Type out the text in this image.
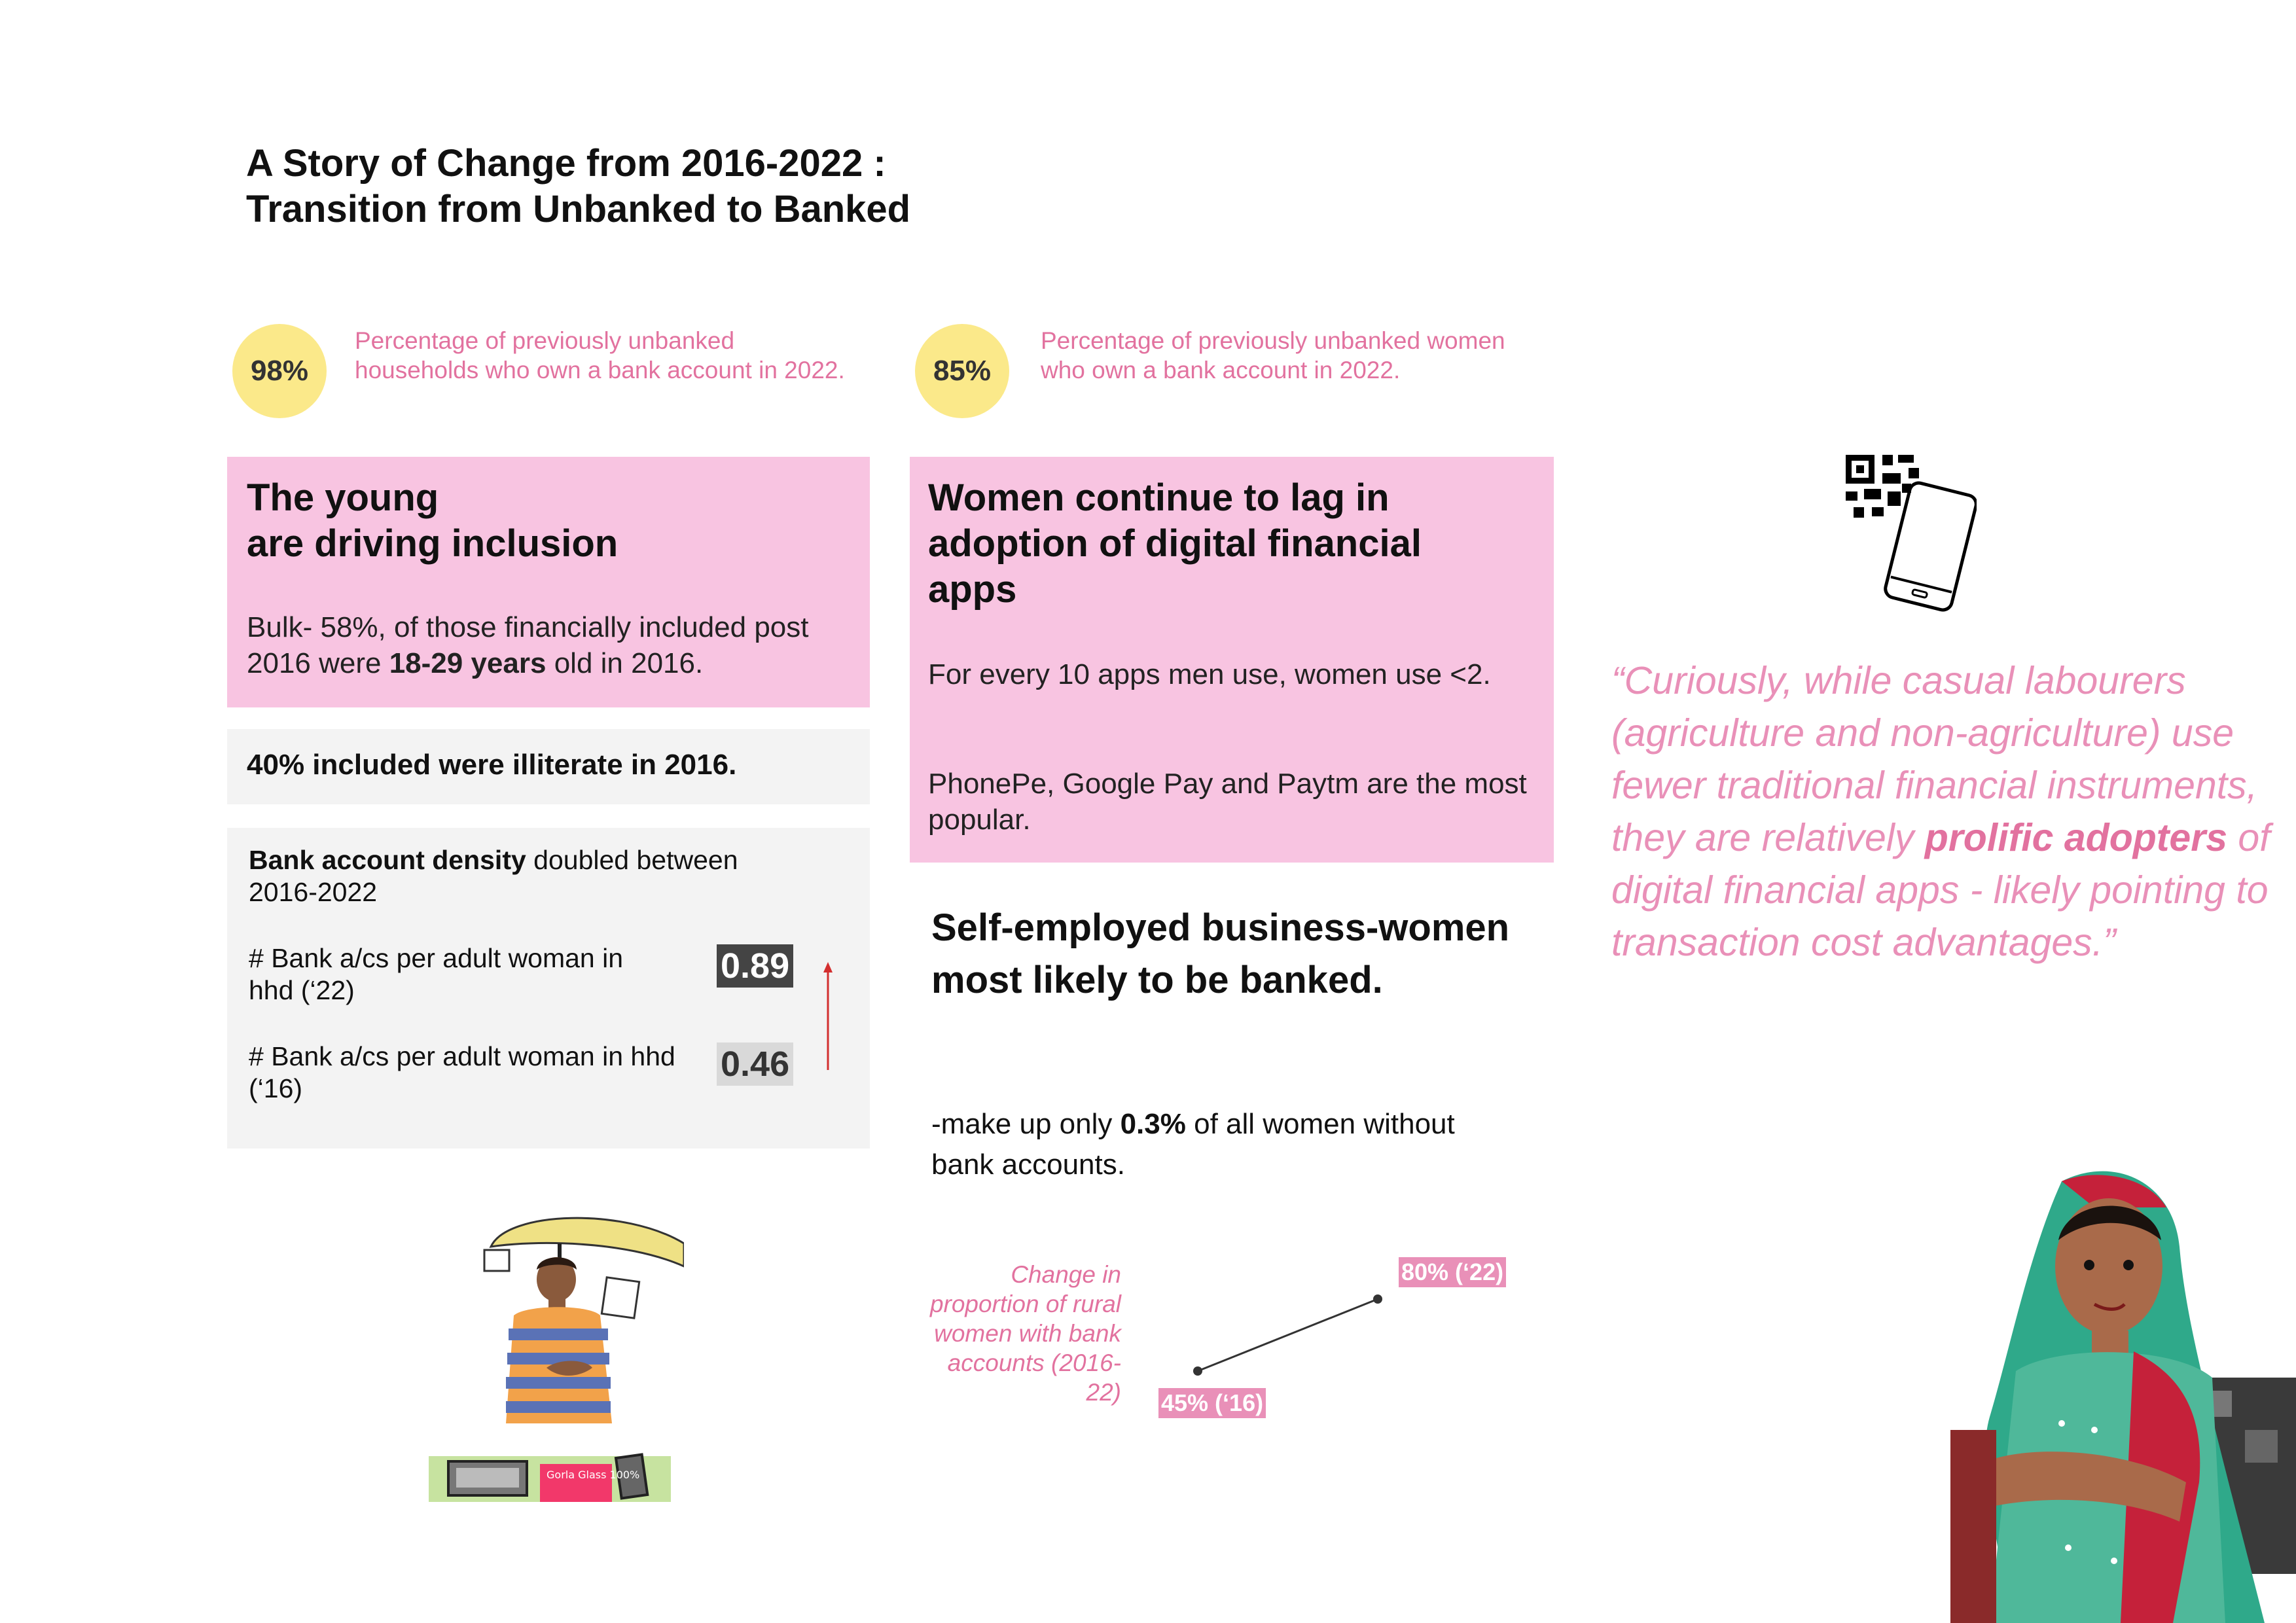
A Story of Change from 2016-2022 :
Transition from Unbanked to Banked
98%
Percentage of previously unbanked households who own a bank account in 2022.	85%
Percentage of previously unbanked women who own a bank account in 2022.
The young
are driving inclusion
Bulk- 58%, of those financially included post 2016 were 18-29 years old in 2016.
40% included were illiterate in 2016.
Bank account density doubled between 2016-2022
# Bank a/cs per adult woman in hhd (‘22)
0.89
# Bank a/cs per adult woman in hhd (‘16)
0.46
Women continue to lag in adoption of digital financial apps
For every 10 apps men use, women use <2.
PhonePe, Google Pay and Paytm are the most popular.
Self-employed business-women most likely to be banked.
-make up only 0.3% of all women without bank accounts.
Change in proportion of rural women with bank accounts (2016-22) 45% (‘16)
80% (‘22)
“Curiously, while casual labourers (agriculture and non-agriculture) use fewer traditional financial instruments, they are relatively prolific adopters of digital financial apps - likely pointing to transaction cost advantages.”
Gorla Glass 100%
